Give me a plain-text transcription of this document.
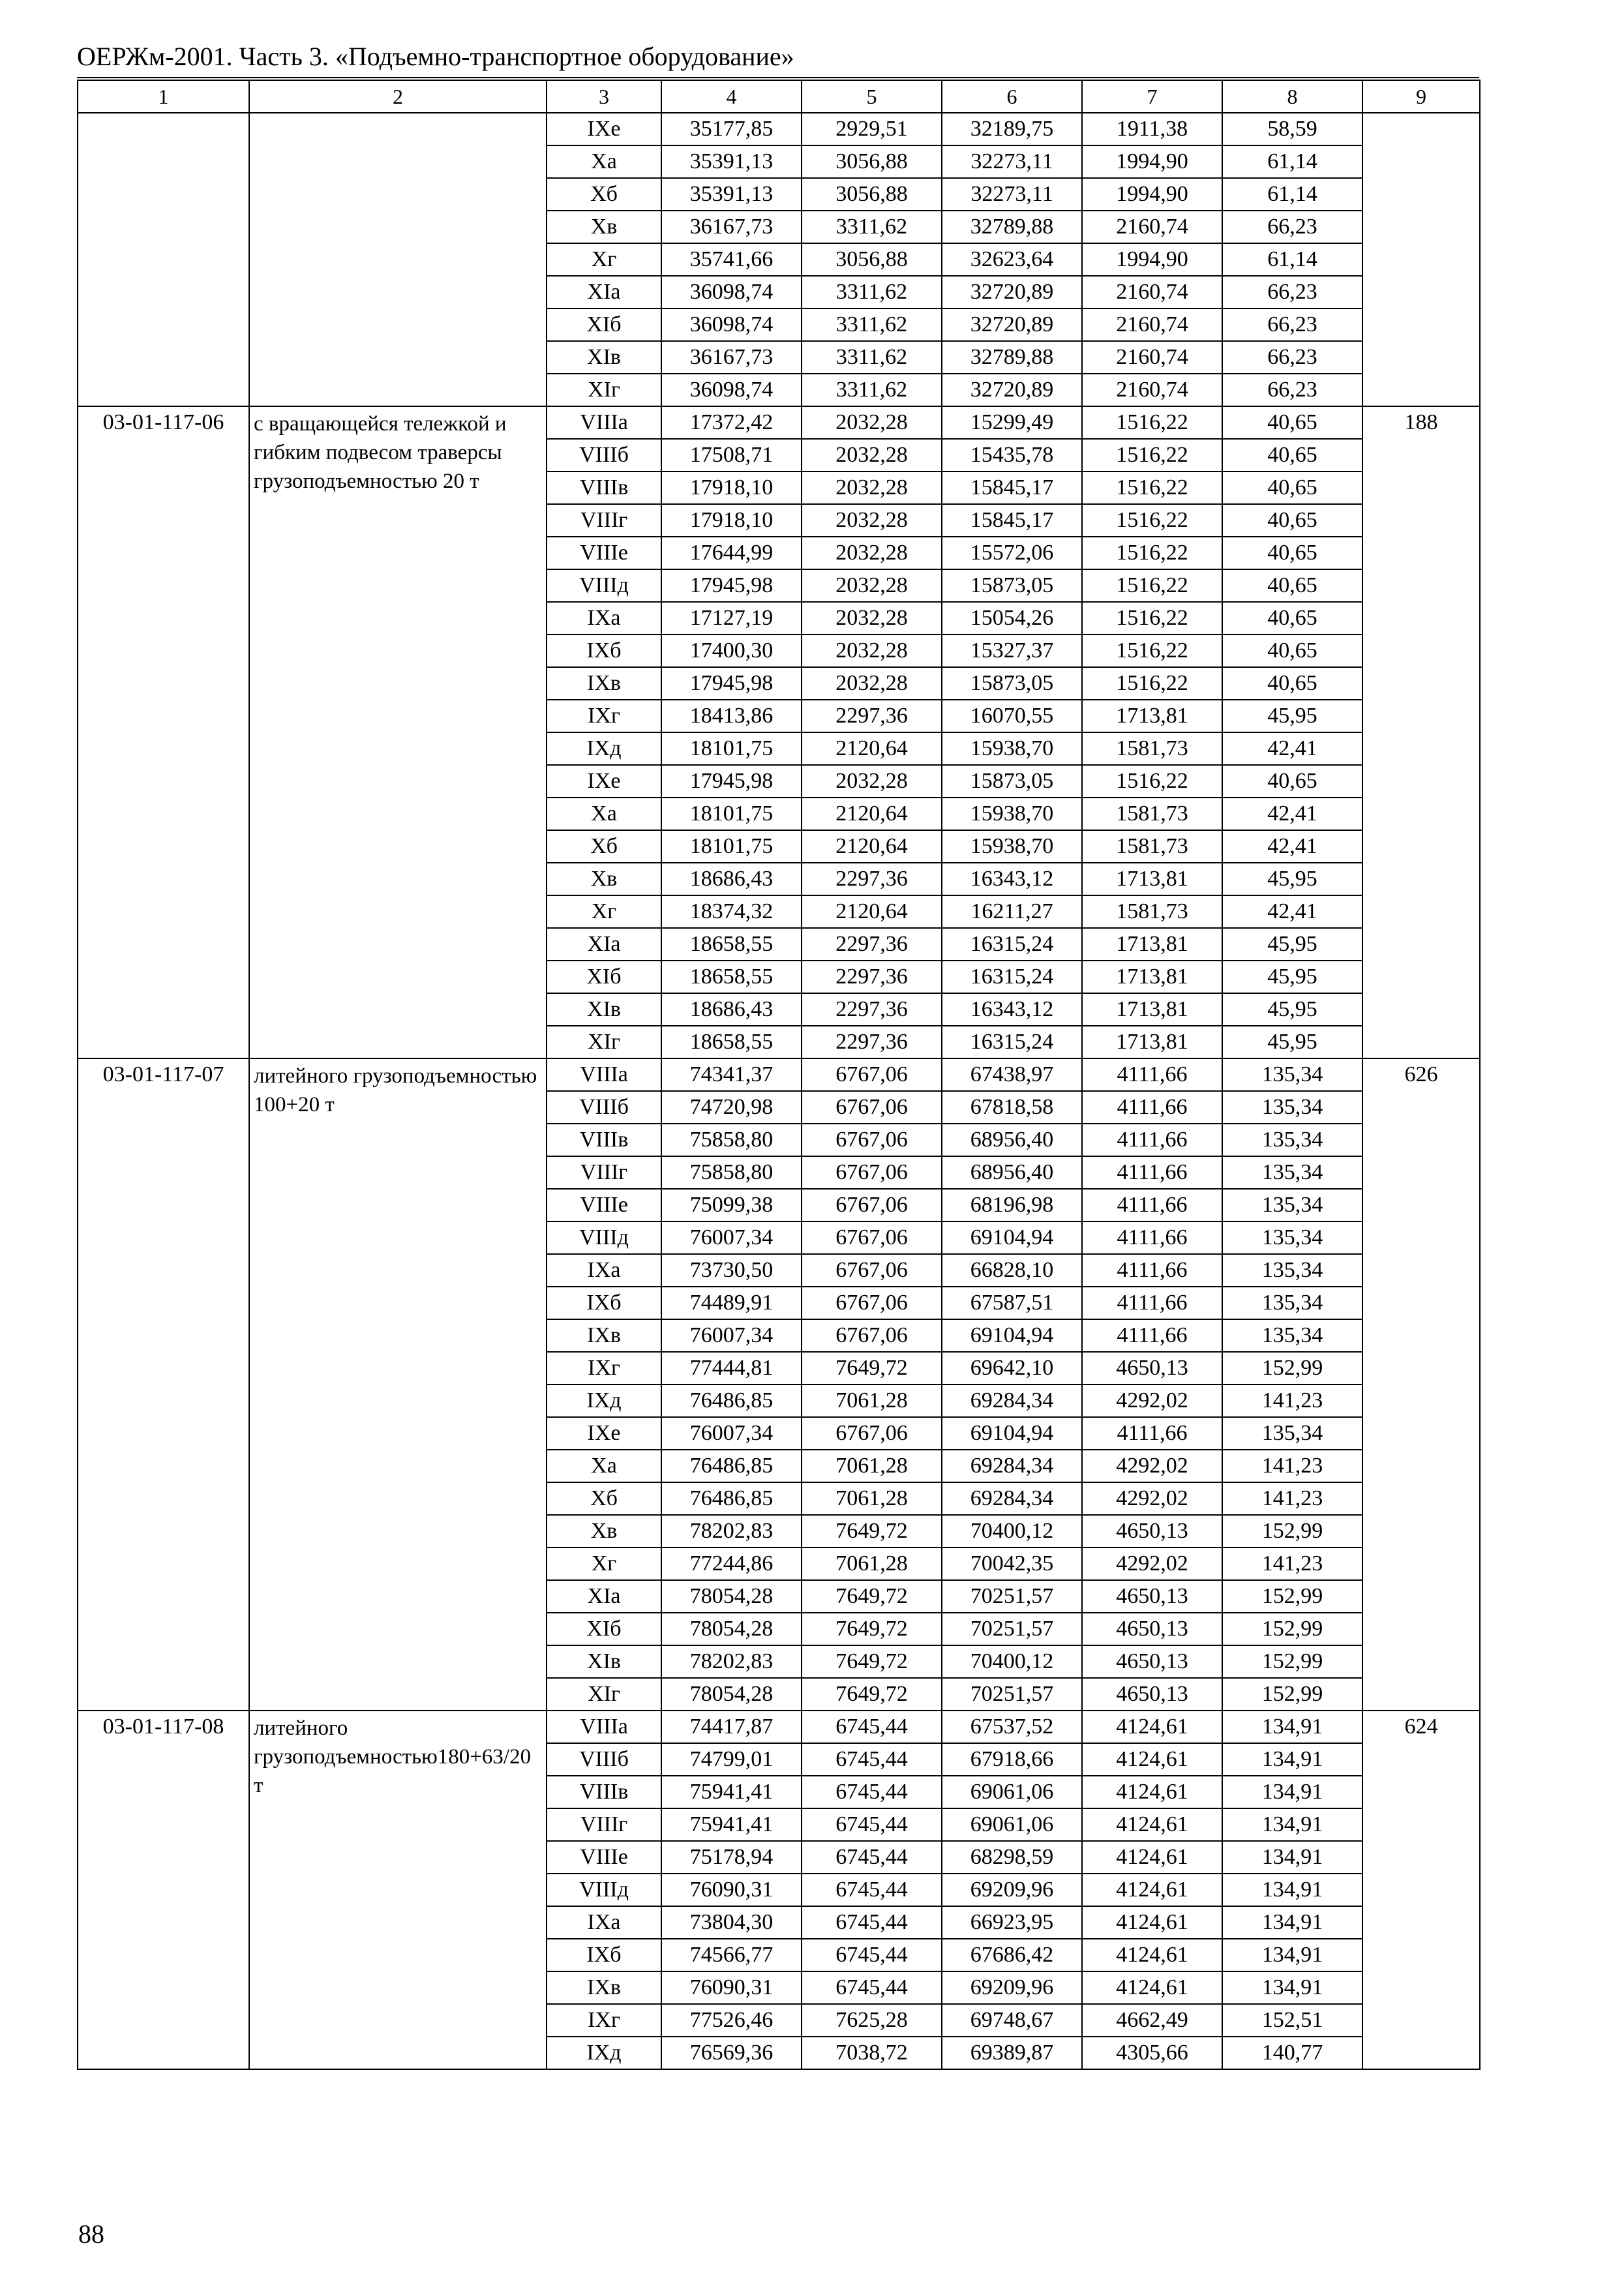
ОЕРЖм-2001. Часть 3. «Подъемно-транспортное оборудование»
1	2	3	4	5	6	7	8	9
		IXе	35177,85	2929,51	32189,75	1911,38	58,59	
		Xа	35391,13	3056,88	32273,11	1994,90	61,14	
		Xб	35391,13	3056,88	32273,11	1994,90	61,14	
		Xв	36167,73	3311,62	32789,88	2160,74	66,23	
		Xг	35741,66	3056,88	32623,64	1994,90	61,14	
		XIа	36098,74	3311,62	32720,89	2160,74	66,23	
		XIб	36098,74	3311,62	32720,89	2160,74	66,23	
		XIв	36167,73	3311,62	32789,88	2160,74	66,23	
		XIг	36098,74	3311,62	32720,89	2160,74	66,23	
03-01-117-06	с вращающейся тележкой и гибким подвесом траверсы грузоподъемностью 20 т	VIIIа	17372,42	2032,28	15299,49	1516,22	40,65	188
		VIIIб	17508,71	2032,28	15435,78	1516,22	40,65	
		VIIIв	17918,10	2032,28	15845,17	1516,22	40,65	
		VIIIг	17918,10	2032,28	15845,17	1516,22	40,65	
		VIIIе	17644,99	2032,28	15572,06	1516,22	40,65	
		VIIIд	17945,98	2032,28	15873,05	1516,22	40,65	
		IXа	17127,19	2032,28	15054,26	1516,22	40,65	
		IXб	17400,30	2032,28	15327,37	1516,22	40,65	
		IXв	17945,98	2032,28	15873,05	1516,22	40,65	
		IXг	18413,86	2297,36	16070,55	1713,81	45,95	
		IXд	18101,75	2120,64	15938,70	1581,73	42,41	
		IXе	17945,98	2032,28	15873,05	1516,22	40,65	
		Xа	18101,75	2120,64	15938,70	1581,73	42,41	
		Xб	18101,75	2120,64	15938,70	1581,73	42,41	
		Xв	18686,43	2297,36	16343,12	1713,81	45,95	
		Xг	18374,32	2120,64	16211,27	1581,73	42,41	
		XIа	18658,55	2297,36	16315,24	1713,81	45,95	
		XIб	18658,55	2297,36	16315,24	1713,81	45,95	
		XIв	18686,43	2297,36	16343,12	1713,81	45,95	
		XIг	18658,55	2297,36	16315,24	1713,81	45,95	
03-01-117-07	литейного грузоподъемностью 100+20 т	VIIIа	74341,37	6767,06	67438,97	4111,66	135,34	626
		VIIIб	74720,98	6767,06	67818,58	4111,66	135,34	
		VIIIв	75858,80	6767,06	68956,40	4111,66	135,34	
		VIIIг	75858,80	6767,06	68956,40	4111,66	135,34	
		VIIIе	75099,38	6767,06	68196,98	4111,66	135,34	
		VIIIд	76007,34	6767,06	69104,94	4111,66	135,34	
		IXа	73730,50	6767,06	66828,10	4111,66	135,34	
		IXб	74489,91	6767,06	67587,51	4111,66	135,34	
		IXв	76007,34	6767,06	69104,94	4111,66	135,34	
		IXг	77444,81	7649,72	69642,10	4650,13	152,99	
		IXд	76486,85	7061,28	69284,34	4292,02	141,23	
		IXе	76007,34	6767,06	69104,94	4111,66	135,34	
		Xа	76486,85	7061,28	69284,34	4292,02	141,23	
		Xб	76486,85	7061,28	69284,34	4292,02	141,23	
		Xв	78202,83	7649,72	70400,12	4650,13	152,99	
		Xг	77244,86	7061,28	70042,35	4292,02	141,23	
		XIа	78054,28	7649,72	70251,57	4650,13	152,99	
		XIб	78054,28	7649,72	70251,57	4650,13	152,99	
		XIв	78202,83	7649,72	70400,12	4650,13	152,99	
		XIг	78054,28	7649,72	70251,57	4650,13	152,99	
03-01-117-08	литейного грузоподъемностью180+63/20 т	VIIIа	74417,87	6745,44	67537,52	4124,61	134,91	624
		VIIIб	74799,01	6745,44	67918,66	4124,61	134,91	
		VIIIв	75941,41	6745,44	69061,06	4124,61	134,91	
		VIIIг	75941,41	6745,44	69061,06	4124,61	134,91	
		VIIIе	75178,94	6745,44	68298,59	4124,61	134,91	
		VIIIд	76090,31	6745,44	69209,96	4124,61	134,91	
		IXа	73804,30	6745,44	66923,95	4124,61	134,91	
		IXб	74566,77	6745,44	67686,42	4124,61	134,91	
		IXв	76090,31	6745,44	69209,96	4124,61	134,91	
		IXг	77526,46	7625,28	69748,67	4662,49	152,51	
		IXд	76569,36	7038,72	69389,87	4305,66	140,77	
88
